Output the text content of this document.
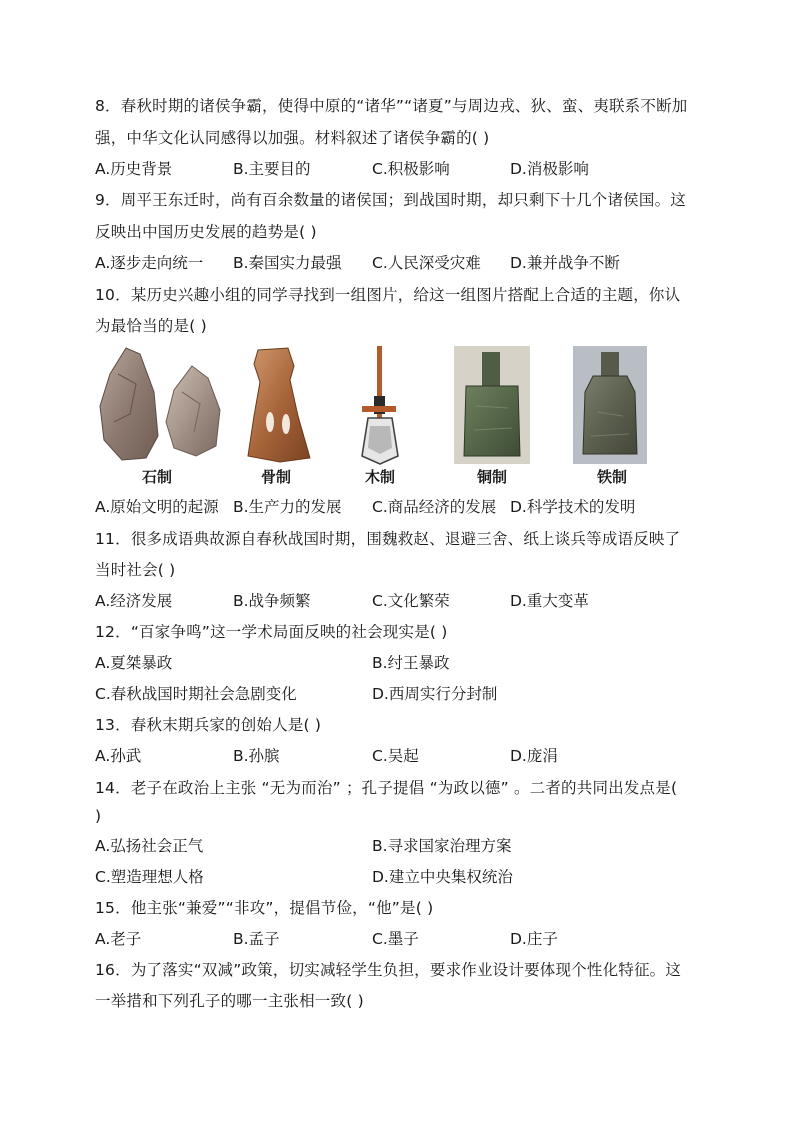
8．春秋时期的诸侯争霸，使得中原的“诸华”“诸夏”与周边戎、狄、蛮、夷联系不断加
强，中华文化认同感得以加强。材料叙述了诸侯争霸的( )
A.历史背景	B.主要目的	C.积极影响	D.消极影响
9．周平王东迁时，尚有百余数量的诸侯国；到战国时期，却只剩下十几个诸侯国。这
反映出中国历史发展的趋势是( )
A.逐步走向统一 B.秦国实力最强 C.人民深受灾难 D.兼并战争不断
10．某历史兴趣小组的同学寻找到一组图片，给这一组图片搭配上合适的主题，你认
为最恰当的是( )
石制	骨制	木制	铜制	铁制
A.原始文明的起源 B.生产力的发展 C.商品经济的发展 D.科学技术的发明
11．很多成语典故源自春秋战国时期，围魏救赵、退避三舍、纸上谈兵等成语反映了
当时社会( )
A.经济发展	B.战争频繁	C.文化繁荣	D.重大变革
12．“百家争鸣”这一学术局面反映的社会现实是( )
A.夏桀暴政	B.纣王暴政
C.春秋战国时期社会急剧变化	D.西周实行分封制
13．春秋末期兵家的创始人是( )
A.孙武	B.孙膑	C.吴起	D.庞涓
14．老子在政治上主张 “无为而治” ；孔子提倡 “为政以德” 。二者的共同出发点是(
)
A.弘扬社会正气	B.寻求国家治理方案
C.塑造理想人格	D.建立中央集权统治
15．他主张“兼爱”“非攻”，提倡节俭，“他”是( )
A.老子	B.孟子	C.墨子	D.庄子
16．为了落实“双减”政策，切实减轻学生负担，要求作业设计要体现个性化特征。这
一举措和下列孔子的哪一主张相一致( )
